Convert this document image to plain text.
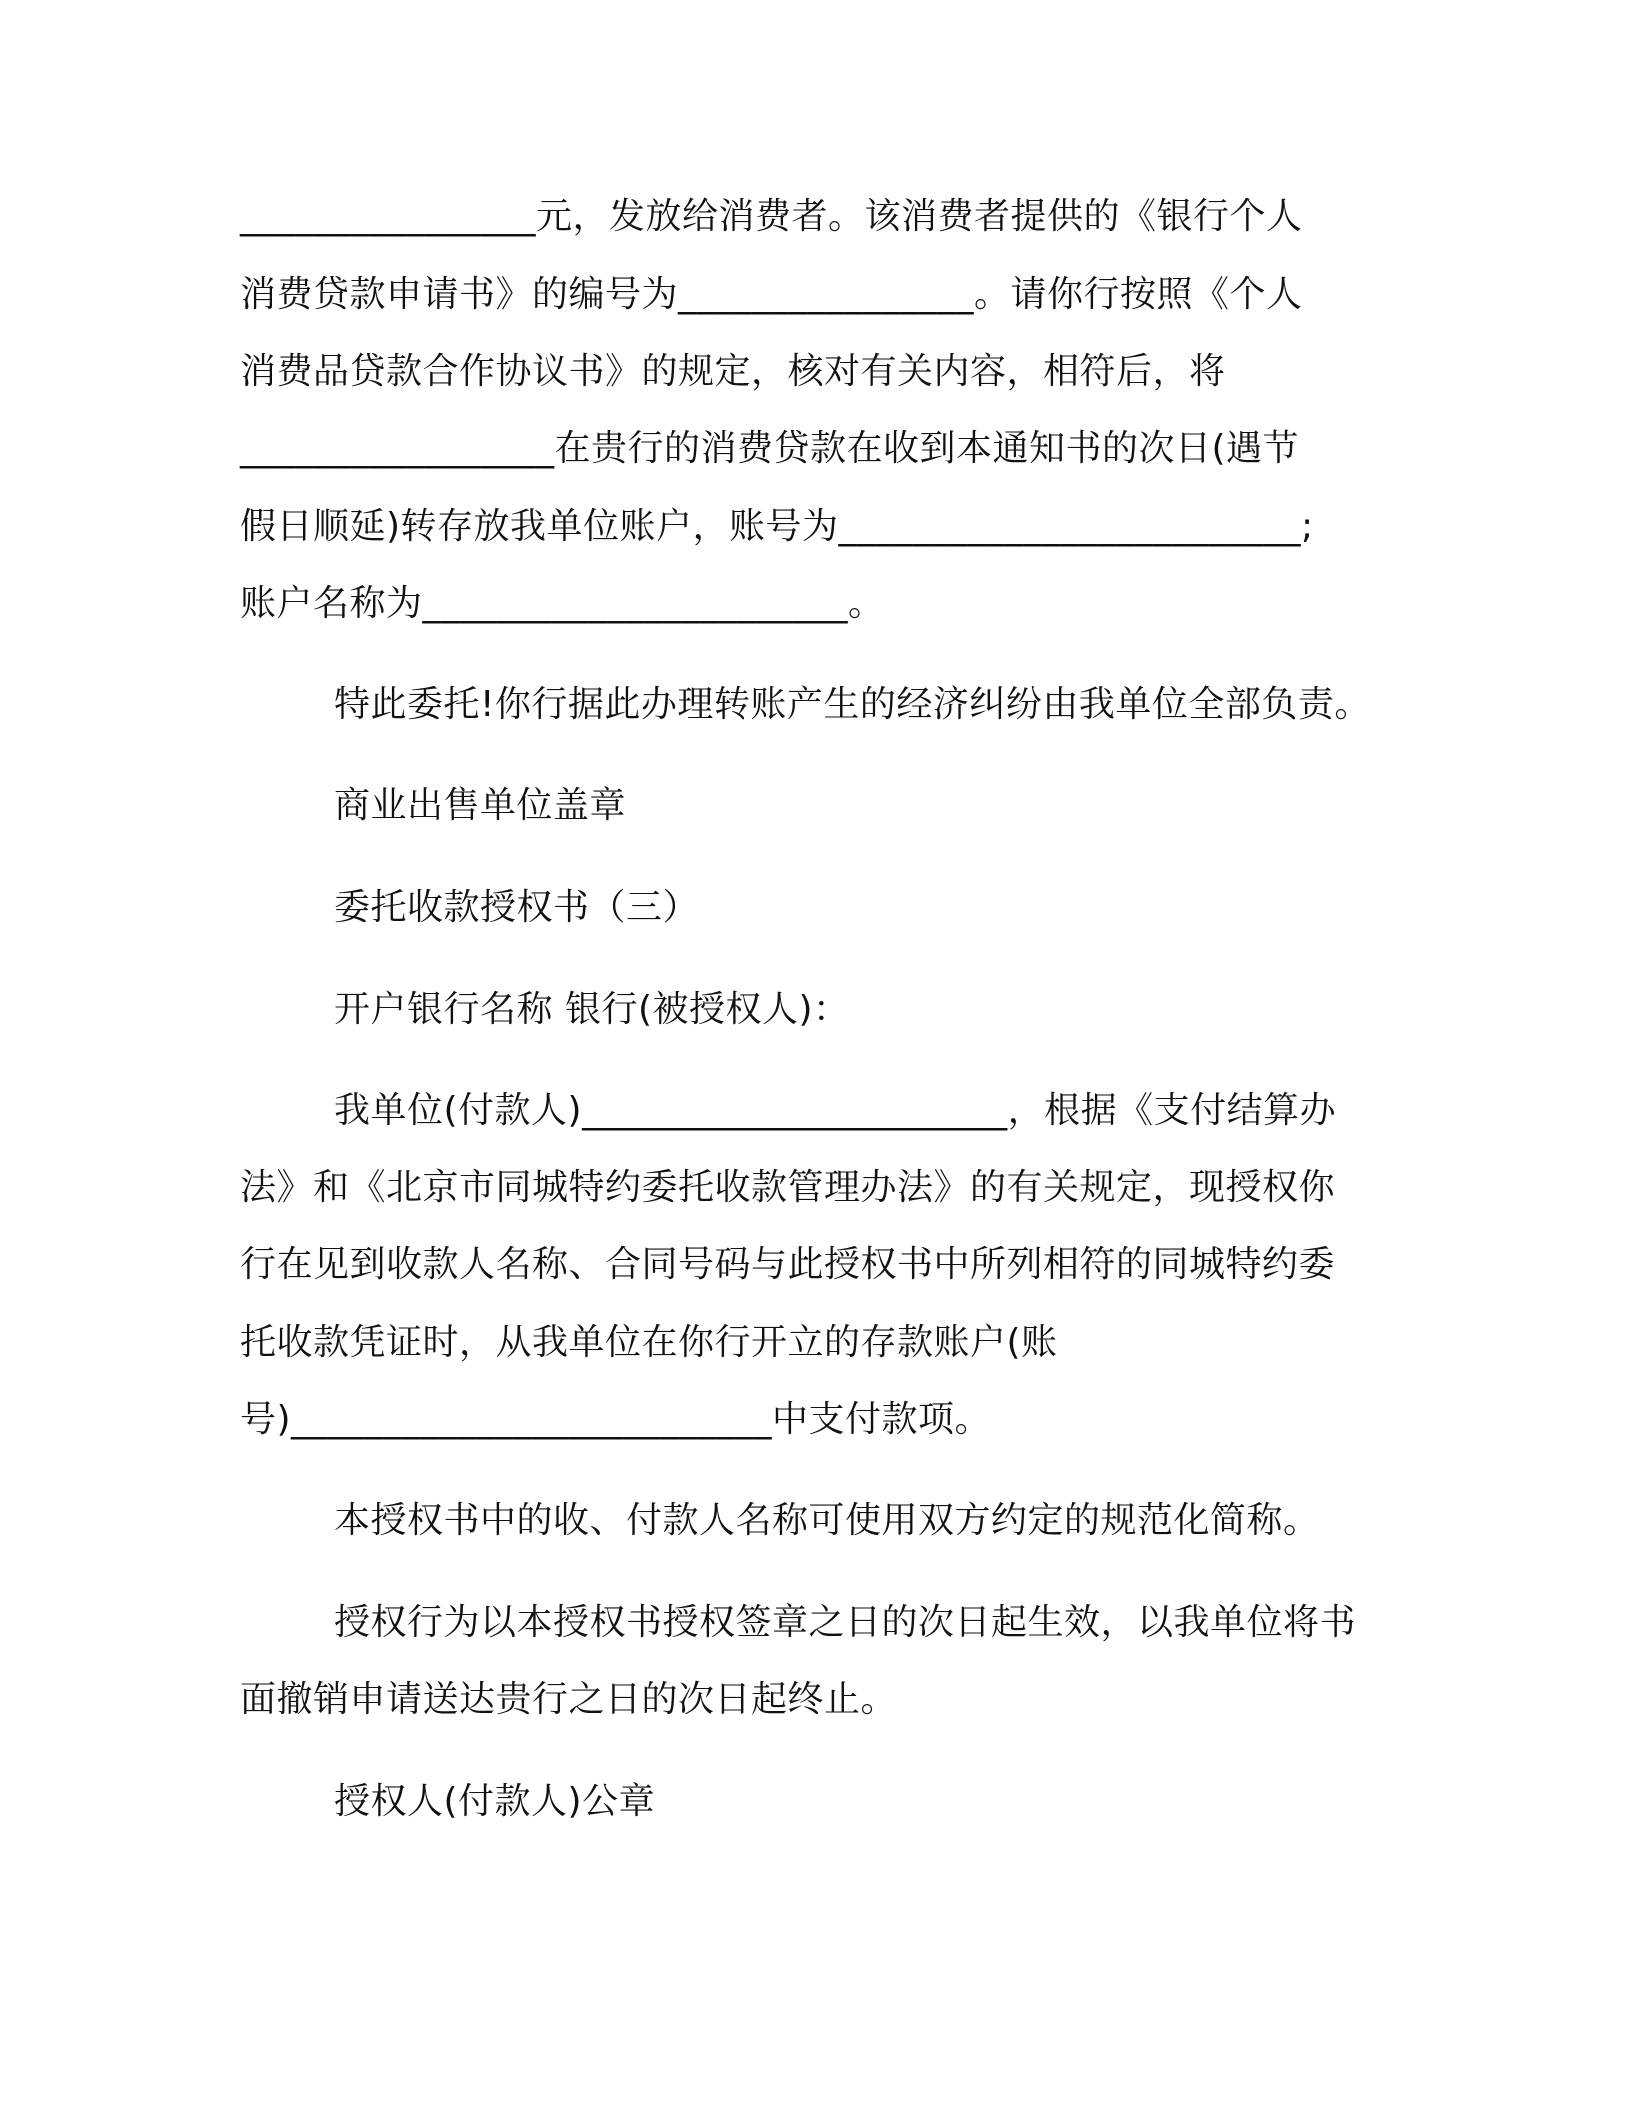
________________元，发放给消费者。该消费者提供的《银行个人
消费贷款申请书》的编号为________________。请你行按照《个人
消费品贷款合作协议书》的规定，核对有关内容，相符后，将
_________________在贵行的消费贷款在收到本通知书的次日(遇节
假日顺延)转存放我单位账户，账号为_________________________;
账户名称为_______________________。
特此委托!你行据此办理转账产生的经济纠纷由我单位全部负责。
商业出售单位盖章
委托收款授权书（三）
开户银行名称 银行(被授权人)：
我单位(付款人)_______________________，根据《支付结算办
法》和《北京市同城特约委托收款管理办法》的有关规定，现授权你
行在见到收款人名称、合同号码与此授权书中所列相符的同城特约委
托收款凭证时，从我单位在你行开立的存款账户(账
号)__________________________中支付款项。
本授权书中的收、付款人名称可使用双方约定的规范化简称。
授权行为以本授权书授权签章之日的次日起生效，以我单位将书
面撤销申请送达贵行之日的次日起终止。
授权人(付款人)公章
